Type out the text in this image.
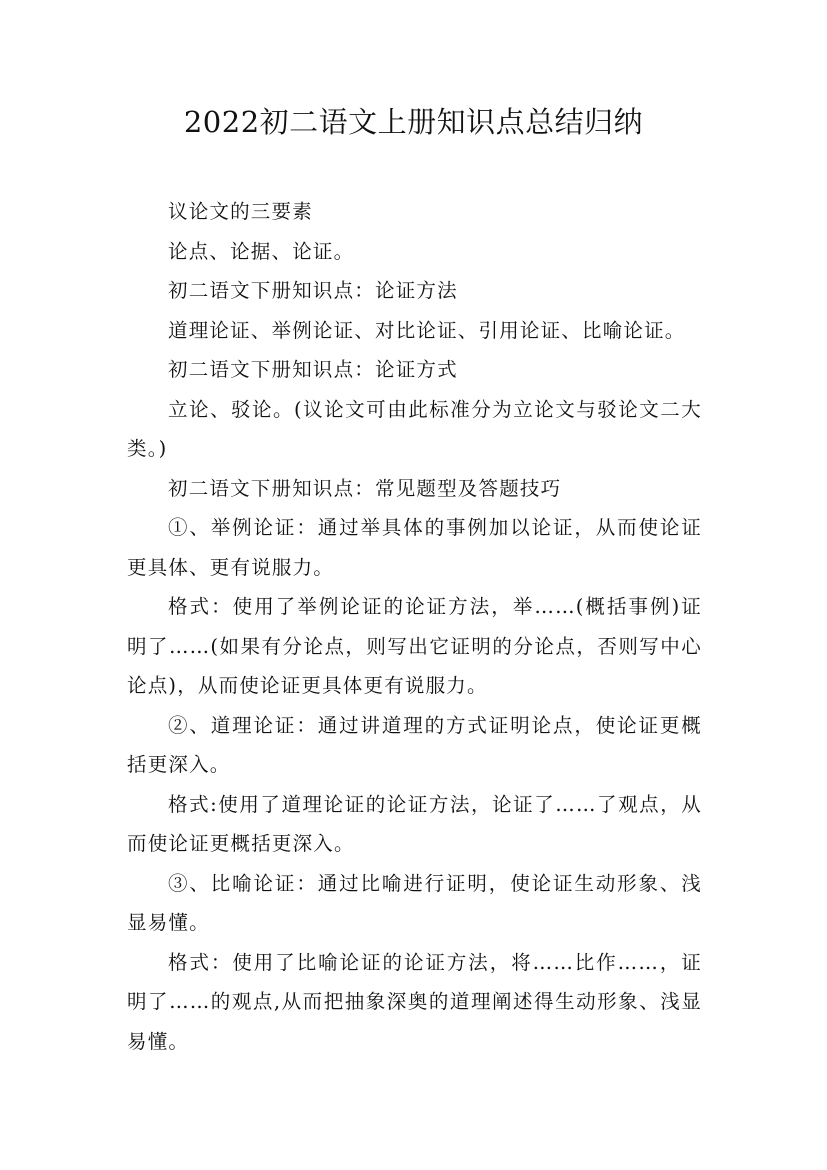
2022初二语文上册知识点总结归纳

议论文的三要素

论点、论据、论证。

初二语文下册知识点：论证方法

道理论证、举例论证、对比论证、引用论证、比喻论证。

初二语文下册知识点：论证方式

立论、驳论。(议论文可由此标准分为立论文与驳论文二大类。)

初二语文下册知识点：常见题型及答题技巧

①、举例论证：通过举具体的事例加以论证，从而使论证更具体、更有说服力。

格式：使用了举例论证的论证方法，举……(概括事例)证明了……(如果有分论点，则写出它证明的分论点，否则写中心论点)，从而使论证更具体更有说服力。

②、道理论证：通过讲道理的方式证明论点，使论证更概括更深入。

格式:使用了道理论证的论证方法，论证了……了观点，从而使论证更概括更深入。

③、比喻论证：通过比喻进行证明，使论证生动形象、浅显易懂。

格式：使用了比喻论证的论证方法，将……比作……，证明了……的观点,从而把抽象深奥的道理阐述得生动形象、浅显易懂。
